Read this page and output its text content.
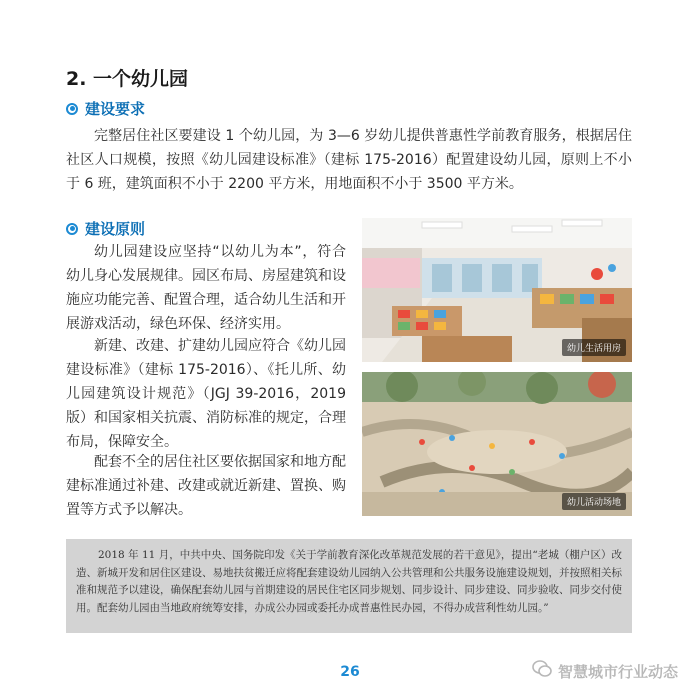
2. 一个幼儿园
建设要求

完整居住社区要建设 1 个幼儿园，为 3—6 岁幼儿提供普惠性学前教育服务，根据居住社区人口规模，按照《幼儿园建设标准》（建标 175-2016）配置建设幼儿园，原则上不小于 6 班，建筑面积不小于 2200 平方米，用地面积不小于 3500 平方米。

建设原则

幼儿园建设应坚持“以幼儿为本”，符合幼儿身心发展规律。园区布局、房屋建筑和设施应功能完善、配置合理，适合幼儿生活和开展游戏活动，绿色环保、经济实用。

新建、改建、扩建幼儿园应符合《幼儿园建设标准》（建标 175-2016）、《托儿所、幼儿园建筑设计规范》（JGJ 39-2016，2019 版）和国家相关抗震、消防标准的规定，合理布局，保障安全。

配套不全的居住社区要依据国家和地方配建标准通过补建、改建或就近新建、置换、购置等方式予以解决。

幼儿生活用房
幼儿活动场地
2018 年 11 月，中共中央、国务院印发《关于学前教育深化改革规范发展的若干意见》，提出“老城（棚户区）改造、新城开发和居住区建设、易地扶贫搬迁应将配套建设幼儿园纳入公共管理和公共服务设施建设规划，并按照相关标准和规范予以建设，确保配套幼儿园与首期建设的居民住宅区同步规划、同步设计、同步建设、同步验收、同步交付使用。配套幼儿园由当地政府统筹安排，办成公办园或委托办成普惠性民办园，不得办成营利性幼儿园。”
26	智慧城市行业动态
